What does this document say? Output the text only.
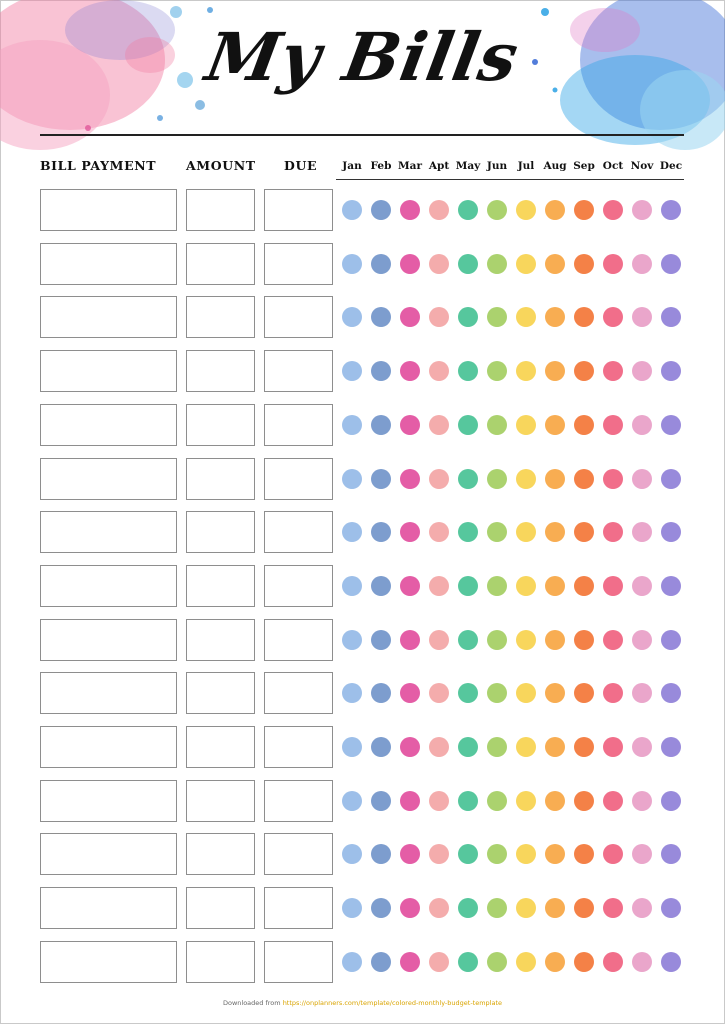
My Bills
BILL PAYMENT AMOUNT DUE	Jan Feb Mar Apt May Jun	Jul Aug Sep Oct Nov Dec
Downloaded from https://onplanners.com/template/colored-monthly-budget-template
